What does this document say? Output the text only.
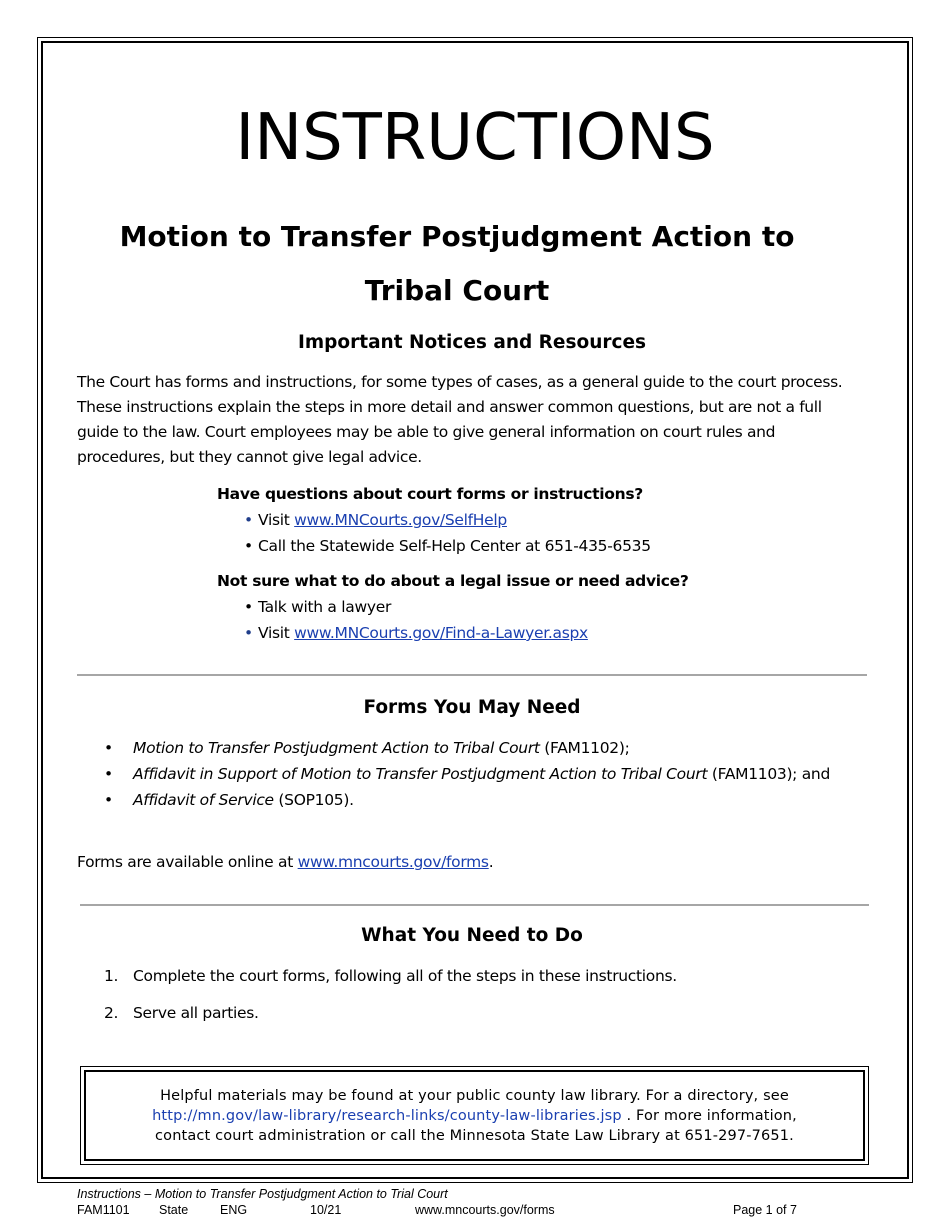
INSTRUCTIONS
Motion to Transfer Postjudgment Action to
Tribal Court
Important Notices and Resources

The Court has forms and instructions, for some types of cases, as a general guide to the court process. These instructions explain the steps in more detail and answer common questions, but are not a full guide to the law. Court employees may be able to give general information on court rules and procedures, but they cannot give legal advice.

Have questions about court forms or instructions?
• Visit www.MNCourts.gov/SelfHelp
• Call the Statewide Self-Help Center at 651-435-6535
Not sure what to do about a legal issue or need advice?
• Talk with a lawyer
• Visit www.MNCourts.gov/Find-a-Lawyer.aspx
Forms You May Need
• Motion to Transfer Postjudgment Action to Tribal Court (FAM1102);
• Affidavit in Support of Motion to Transfer Postjudgment Action to Tribal Court (FAM1103); and
• Affidavit of Service (SOP105).

Forms are available online at www.mncourts.gov/forms.

What You Need to Do
1. Complete the court forms, following all of the steps in these instructions.
2. Serve all parties.
Helpful materials may be found at your public county law library. For a directory, see
http://mn.gov/law-library/research-links/county-law-libraries.jsp . For more information,
contact court administration or call the Minnesota State Law Library at 651-297-7651.
Instructions – Motion to Transfer Postjudgment Action to Trial Court
FAM1101 State	ENG	10/21	www.mncourts.gov/forms	Page 1 of 7
